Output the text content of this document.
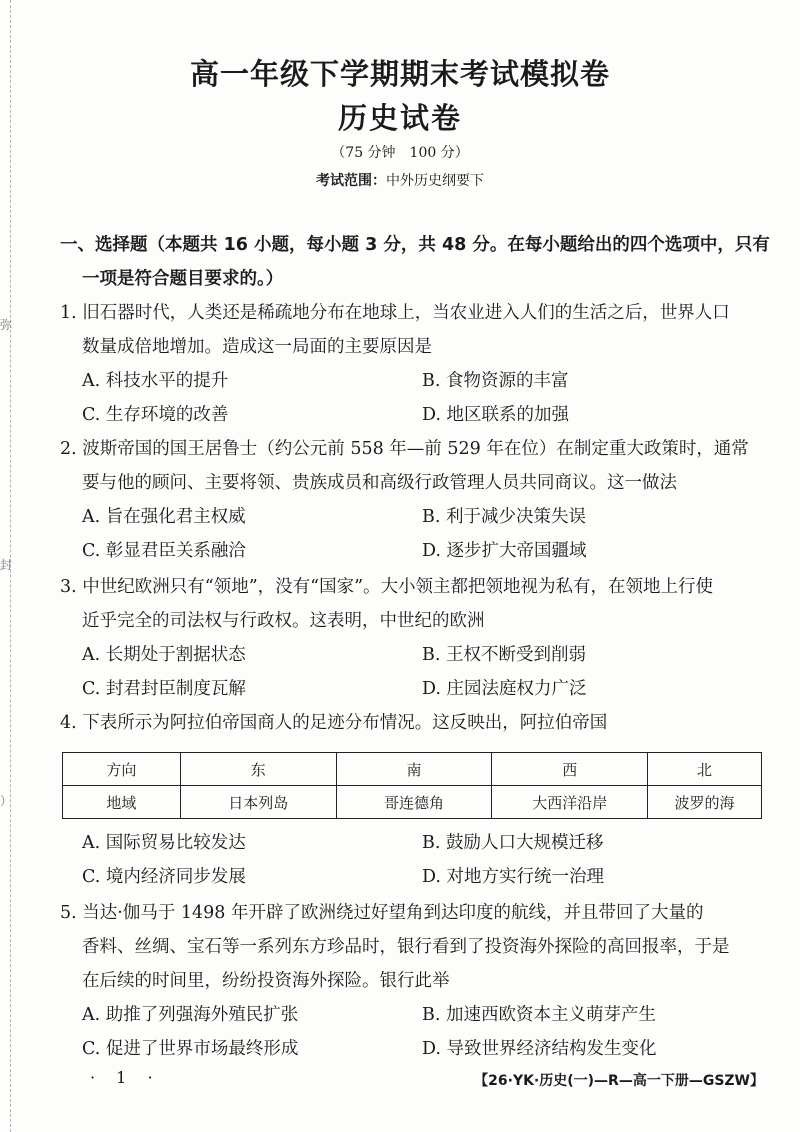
弥
封
）
高一年级下学期期末考试模拟卷
历史试卷
（75 分钟　100 分）
考试范围：中外历史纲要下
一、选择题（本题共 16 小题，每小题 3 分，共 48 分。在每小题给出的四个选项中，只有
一项是符合题目要求的。）
1. 旧石器时代，人类还是稀疏地分布在地球上，当农业进入人们的生活之后，世界人口
数量成倍地增加。造成这一局面的主要原因是
A. 科技水平的提升	B. 食物资源的丰富
C. 生存环境的改善	D. 地区联系的加强
2. 波斯帝国的国王居鲁士（约公元前 558 年—前 529 年在位）在制定重大政策时，通常
要与他的顾问、主要将领、贵族成员和高级行政管理人员共同商议。这一做法
A. 旨在强化君主权威	B. 利于减少决策失误
C. 彰显君臣关系融洽	D. 逐步扩大帝国疆域
3. 中世纪欧洲只有“领地”，没有“国家”。大小领主都把领地视为私有，在领地上行使
近乎完全的司法权与行政权。这表明，中世纪的欧洲
A. 长期处于割据状态	B. 王权不断受到削弱
C. 封君封臣制度瓦解	D. 庄园法庭权力广泛
4. 下表所示为阿拉伯帝国商人的足迹分布情况。这反映出，阿拉伯帝国
方向	东	南	西	北
地域	日本列岛	哥连德角	大西洋沿岸	波罗的海
A. 国际贸易比较发达	B. 鼓励人口大规模迁移
C. 境内经济同步发展	D. 对地方实行统一治理
5. 当达·伽马于 1498 年开辟了欧洲绕过好望角到达印度的航线，并且带回了大量的
香料、丝绸、宝石等一系列东方珍品时，银行看到了投资海外探险的高回报率，于是
在后续的时间里，纷纷投资海外探险。银行此举
A. 助推了列强海外殖民扩张	B. 加速西欧资本主义萌芽产生
C. 促进了世界市场最终形成	D. 导致世界经济结构发生变化
· 1 ·	【26·YK·历史(一)—R—高一下册—GSZW】
